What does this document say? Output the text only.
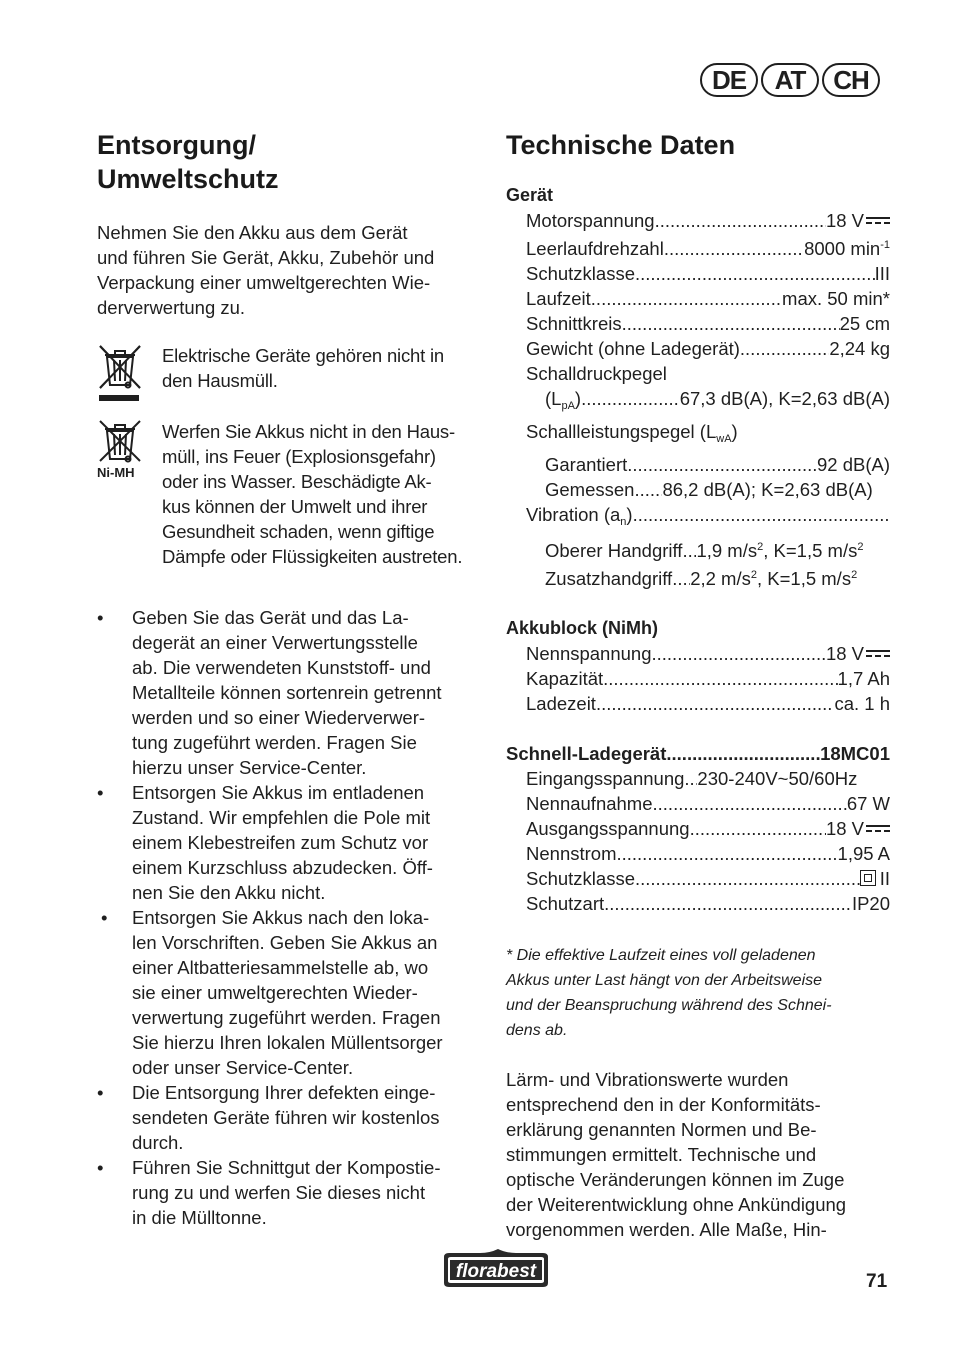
DE	AT	CH
Entsorgung/
Umweltschutz
Nehmen Sie den Akku aus dem Gerät
und führen Sie Gerät, Akku, Zubehör und
Verpackung einer umweltgerechten Wie-
derverwertung zu.
Elektrische Geräte gehören nicht in
den Hausmüll.
Ni-MH
Werfen Sie Akkus nicht in den Haus-
müll, ins Feuer (Explosionsgefahr)
oder ins Wasser. Beschädigte Ak-
kus können der Umwelt und ihrer
Gesundheit schaden, wenn giftige
Dämpfe oder Flüssigkeiten austreten.
• Geben Sie das Gerät und das La-
degerät an einer Verwertungsstelle
ab. Die verwendeten Kunststoff- und
Metallteile können sortenrein getrennt
werden und so einer Wiederverwer-
tung zugeführt werden. Fragen Sie
hierzu unser Service-Center.
• Entsorgen Sie Akkus im entladenen
Zustand. Wir empfehlen die Pole mit
einem Klebestreifen zum Schutz vor
einem Kurzschluss abzudecken. Öff-
nen Sie den Akku nicht.
• Entsorgen Sie Akkus nach den loka-
len Vorschriften. Geben Sie Akkus an
einer Altbatteriesammelstelle ab, wo
sie einer umweltgerechten Wieder-
verwertung zugeführt werden. Fragen
Sie hierzu Ihren lokalen Müllentsorger
oder unser Service-Center.
• Die Entsorgung Ihrer defekten einge-
sendeten Geräte führen wir kostenlos
durch.
• Führen Sie Schnittgut der Kompostie-
rung zu und werfen Sie dieses nicht
in die Mülltonne.
Technische Daten
Gerät
Motorspannung .....	18 V
Leerlaufdrehzahl .....	8000 $\min^{-1}$
Schutzklasse .....	III
Laufzeit .....	max. 50 min*
Schnittkreis .....	25 cm
Gewicht (ohne Ladegerät) .....	2,24 kg
Schalldruckpegel
$(L_{pA})$ .....	67,3 dB(A), K=2,63 dB(A)
Schallleistungspegel $(L_{wA})$
Garantiert .....	92 dB(A)
Gemessen ..... 86,2 dB(A); K=2,63 dB(A)
Vibration $(a_n)$
.....
Oberer Handgriff ..... 1,9 $m/s^2$, K=1,5 $m/s^2$
Zusatzhandgriff ..... 2,2 $m/s^2$, K=1,5 $m/s^2$
Akkublock (NiMh)
Nennspannung .....	18 V
Kapazität .....	1,7 Ah
Ladezeit .....	ca. 1 h
Schnell-Ladegerät .....	18MC01
Eingangsspannung ..... 230-240V~50/60Hz
Nennaufnahme .....	67 W
Ausgangsspannung .....	18 V
Nennstrom .....	1,95 A
Schutzklasse .....	II
Schutzart .....	IP20
* Die effektive Laufzeit eines voll geladenen
Akkus unter Last hängt von der Arbeitsweise
und der Beanspruchung während des Schnei-
dens ab.
Lärm- und Vibrationswerte wurden
entsprechend den in der Konformitäts-
erklärung genannten Normen und Be-
stimmungen ermittelt. Technische und
optische Veränderungen können im Zuge
der Weiterentwicklung ohne Ankündigung
vorgenommen werden. Alle Maße, Hin-
florabest	71
